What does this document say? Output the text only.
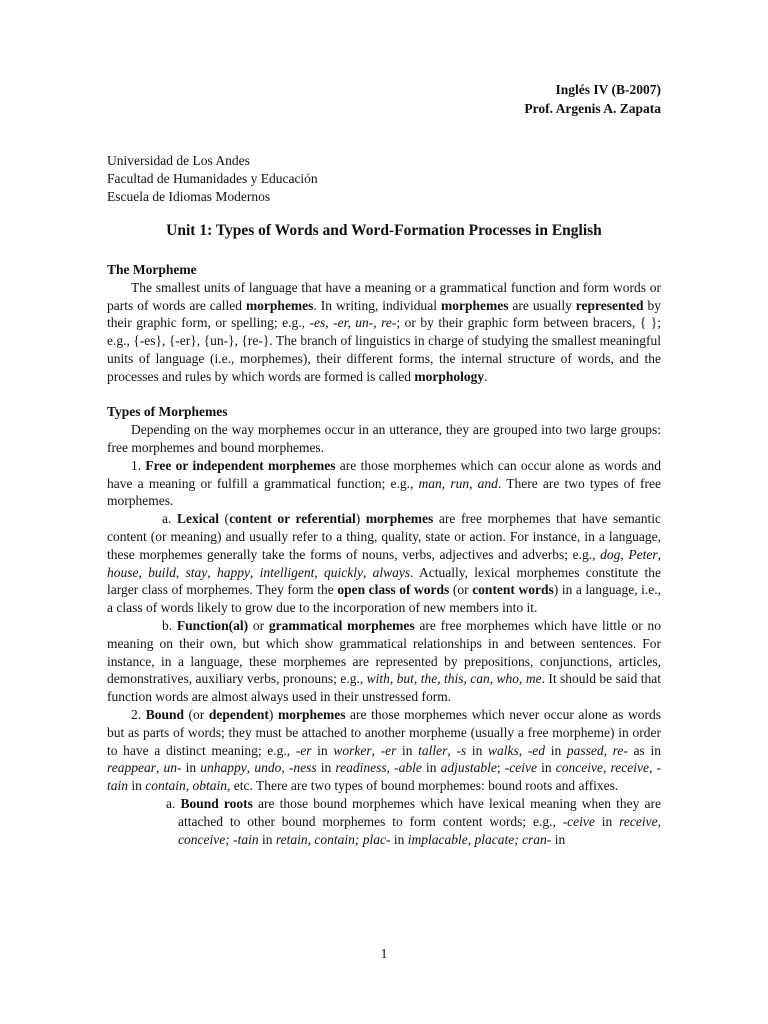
Inglés IV (B-2007)
Prof. Argenis A. Zapata
Universidad de Los Andes
Facultad de Humanidades y Educación
Escuela de Idiomas Modernos
Unit 1: Types of Words and Word-Formation Processes in English

The Morpheme

The smallest units of language that have a meaning or a grammatical function and form words or parts of words are called morphemes. In writing, individual morphemes are usually represented by their graphic form, or spelling; e.g., -es, -er, un-, re-; or by their graphic form between bracers, { }; e.g., {-es}, {-er}, {un-}, {re-}. The branch of linguistics in charge of studying the smallest meaningful units of language (i.e., morphemes), their different forms, the internal structure of words, and the processes and rules by which words are formed is called morphology.

Types of Morphemes

Depending on the way morphemes occur in an utterance, they are grouped into two large groups: free morphemes and bound morphemes.

1. Free or independent morphemes are those morphemes which can occur alone as words and have a meaning or fulfill a grammatical function; e.g., man, run, and. There are two types of free morphemes.

a. Lexical (content or referential) morphemes are free morphemes that have semantic content (or meaning) and usually refer to a thing, quality, state or action. For instance, in a language, these morphemes generally take the forms of nouns, verbs, adjectives and adverbs; e.g., dog, Peter, house, build, stay, happy, intelligent, quickly, always. Actually, lexical morphemes constitute the larger class of morphemes. They form the open class of words (or content words) in a language, i.e., a class of words likely to grow due to the incorporation of new members into it.

b. Function(al) or grammatical morphemes are free morphemes which have little or no meaning on their own, but which show grammatical relationships in and between sentences. For instance, in a language, these morphemes are represented by prepositions, conjunctions, articles, demonstratives, auxiliary verbs, pronouns; e.g., with, but, the, this, can, who, me. It should be said that function words are almost always used in their unstressed form.

2. Bound (or dependent) morphemes are those morphemes which never occur alone as words but as parts of words; they must be attached to another morpheme (usually a free morpheme) in order to have a distinct meaning; e.g., -er in worker, -er in taller, -s in walks, -ed in passed, re- as in reappear, un- in unhappy, undo, -ness in readiness, -able in adjustable; -ceive in conceive, receive, -tain in contain, obtain, etc. There are two types of bound morphemes: bound roots and affixes.

a. Bound roots are those bound morphemes which have lexical meaning when they are attached to other bound morphemes to form content words; e.g., -ceive in receive, conceive; -tain in retain, contain; plac- in implacable, placate; cran- in

1
